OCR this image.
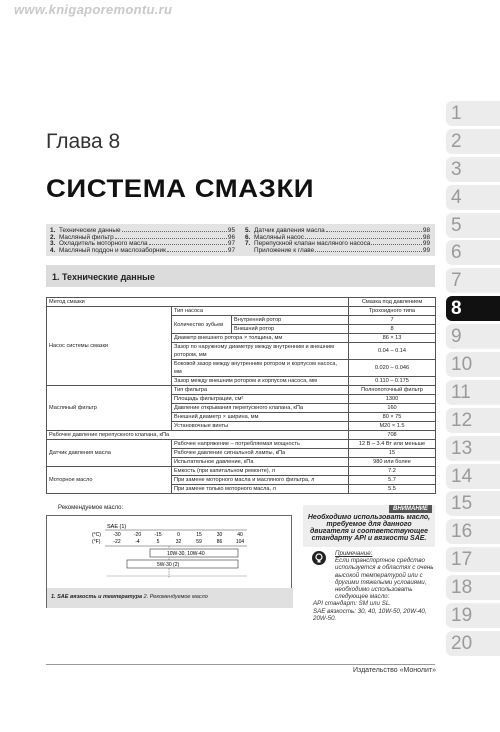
www.knigaporemontu.ru
1
2
3
4
5
6
7
8
9
10
11
12
13
14
15
16
17
18
19
20
Глава 8
СИСТЕМА СМАЗКИ
1. Технические данные	95
2. Масляный фильтр	96
3. Охладитель моторного масла	97
4. Масляный поддон и маслозаборник	97
5. Датчик давления масла	98
6. Масляный насос	98
7. Перепускной клапан масляного насоса	99
Приложение к главе	99
1. Технические данные
Метод смазки			Смазка под давлением
Насос системы смазки	Тип насоса		Трохоидного типа
	Количество зубьев	Внутренний ротор	7
		Внешний ротор	8
	Диаметр внешнего ротора × толщина, мм		86 × 13
	Зазор по наружному диаметру между внутренним и внешним ротором, мм		0.04 – 0.14
	Боковой зазор между внутренним ротором и корпусом насоса, мм		0.020 – 0.046
	Зазор между внешним ротором и корпусом насоса, мм		0.110 – 0.175
Масляный фильтр	Тип фильтра		Полнопоточный фильтр
	Площадь фильтрации, см²		1300
	Давление открывания перепускного клапана, кПа		160
	Внешний диаметр × ширина, мм		80 × 75
	Установочные винты		M20 × 1.5
Рабочее давление перепускного клапана, кПа			708
Датчик давления масла	Рабочее напряжение – потребляемая мощность		12 В – 3.4 Вт или меньше
	Рабочее давление сигнальной лампы, кПа		15
	Испытательное давление, кПа		980 или более
Моторное масло	Емкость (при капитальном ремонте), л		7.2
	При замене моторного масла и масляного фильтра, л		5.7
	При замене только моторного масла, л		5.5
Рекомендуемое масло:
SAE (1)
(°C)
(°F)
-30	-20	-15	0	15	30	40
-22	-4	5	32	59	86	104
10W-30, 10W-40
5W-30 (2)
1. SAE вязкость и температура 2. Рекомендуемое масло
ВНИМАНИЕ
Необходимо использовать масло, требуемое для данного двигателя и соответствующее стандарту API и вязкости SAE.

Примечание:

Если транспортное средство используется в областях с очень высокой температурой или с другими тяжелыми условиями, необходимо использовать следующее масло:

API стандарт: SM или SL.

SAE вязкость: 30, 40, 10W-50, 20W-40, 20W-50.

Издательство «Монолит»
